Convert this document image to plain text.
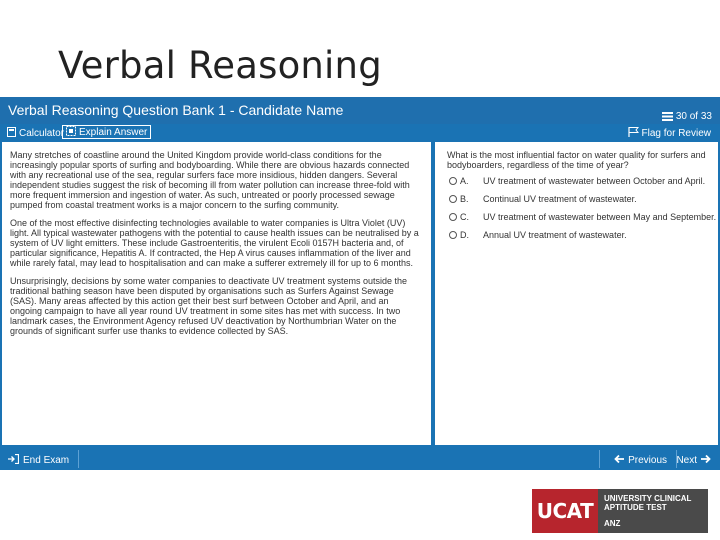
Verbal Reasoning
Verbal Reasoning Question Bank 1 - Candidate Name	30 of 33
Calculator Explain Answer	Flag for Review

Many stretches of coastline around the United Kingdom provide world-class conditions for the increasingly popular sports of surfing and bodyboarding. While there are obvious hazards connected with any recreational use of the sea, regular surfers face more insidious, hidden dangers. Several independent studies suggest the risk of becoming ill from water pollution can increase three-fold with more frequent immersion and ingestion of water. As such, untreated or poorly processed sewage pumped from coastal treatment works is a major concern to the surfing community.

One of the most effective disinfecting technologies available to water companies is Ultra Violet (UV) light. All typical wastewater pathogens with the potential to cause health issues can be neutralised by a system of UV light emitters. These include Gastroenteritis, the virulent Ecoli 0157H bacteria and, of particular significance, Hepatitis A. If contracted, the Hep A virus causes inflammation of the liver and while rarely fatal, may lead to hospitalisation and can make a sufferer extremely ill for up to 6 months.

Unsurprisingly, decisions by some water companies to deactivate UV treatment systems outside the traditional bathing season have been disputed by organisations such as Surfers Against Sewage (SAS). Many areas affected by this action get their best surf between October and April, and an ongoing campaign to have all year round UV treatment in some sites has met with success. In two landmark cases, the Environment Agency refused UV deactivation by Northumbrian Water on the grounds of significant surfer use thanks to evidence collected by SAS.

What is the most influential factor on water quality for surfers and bodyboarders, regardless of the time of year?

A. UV treatment of wastewater between October and April.
B. Continual UV treatment of wastewater.
C. UV treatment of wastewater between May and September.
D. Annual UV treatment of wastewater.
End Exam	Previous Next
UCAT
UNIVERSITY CLINICAL
APTITUDE TEST
ANZ
